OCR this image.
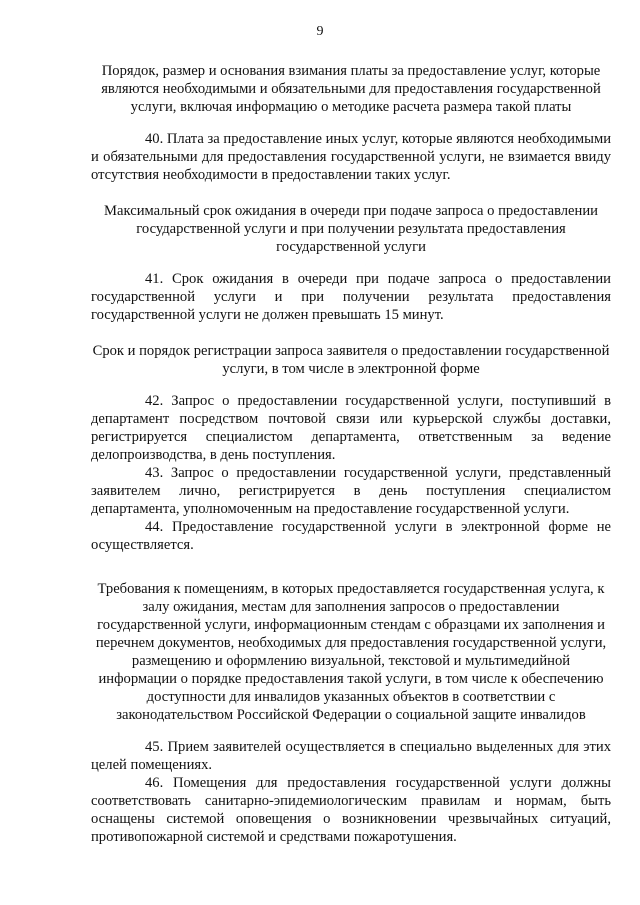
9

Порядок, размер и основания взимания платы за предоставление услуг, которые являются необходимыми и обязательными для предоставления государственной услуги, включая информацию о методике расчета размера такой платы

40. Плата за предоставление иных услуг, которые являются необходимыми и обязательными для предоставления государственной услуги, не взимается ввиду отсутствия необходимости в предоставлении таких услуг.

Максимальный срок ожидания в очереди при подаче запроса о предоставлении государственной услуги и при получении результата предоставления государственной услуги

41. Срок ожидания в очереди при подаче запроса о предоставлении государственной услуги и при получении результата предоставления государственной услуги не должен превышать 15 минут.

Срок и порядок регистрации запроса заявителя о предоставлении государственной услуги, в том числе в электронной форме

42. Запрос о предоставлении государственной услуги, поступивший в департамент посредством почтовой связи или курьерской службы доставки, регистрируется специалистом департамента, ответственным за ведение делопроизводства, в день поступления.

43. Запрос о предоставлении государственной услуги, представленный заявителем лично, регистрируется в день поступления специалистом департамента, уполномоченным на предоставление государственной услуги.

44. Предоставление государственной услуги в электронной форме не осуществляется.

Требования к помещениям, в которых предоставляется государственная услуга, к залу ожидания, местам для заполнения запросов о предоставлении государственной услуги, информационным стендам с образцами их заполнения и перечнем документов, необходимых для предоставления государственной услуги, размещению и оформлению визуальной, текстовой и мультимедийной информации о порядке предоставления такой услуги, в том числе к обеспечению доступности для инвалидов указанных объектов в соответствии с законодательством Российской Федерации о социальной защите инвалидов

45. Прием заявителей осуществляется в специально выделенных для этих целей помещениях.

46. Помещения для предоставления государственной услуги должны соответствовать санитарно-эпидемиологическим правилам и нормам, быть оснащены системой оповещения о возникновении чрезвычайных ситуаций, противопожарной системой и средствами пожаротушения.
